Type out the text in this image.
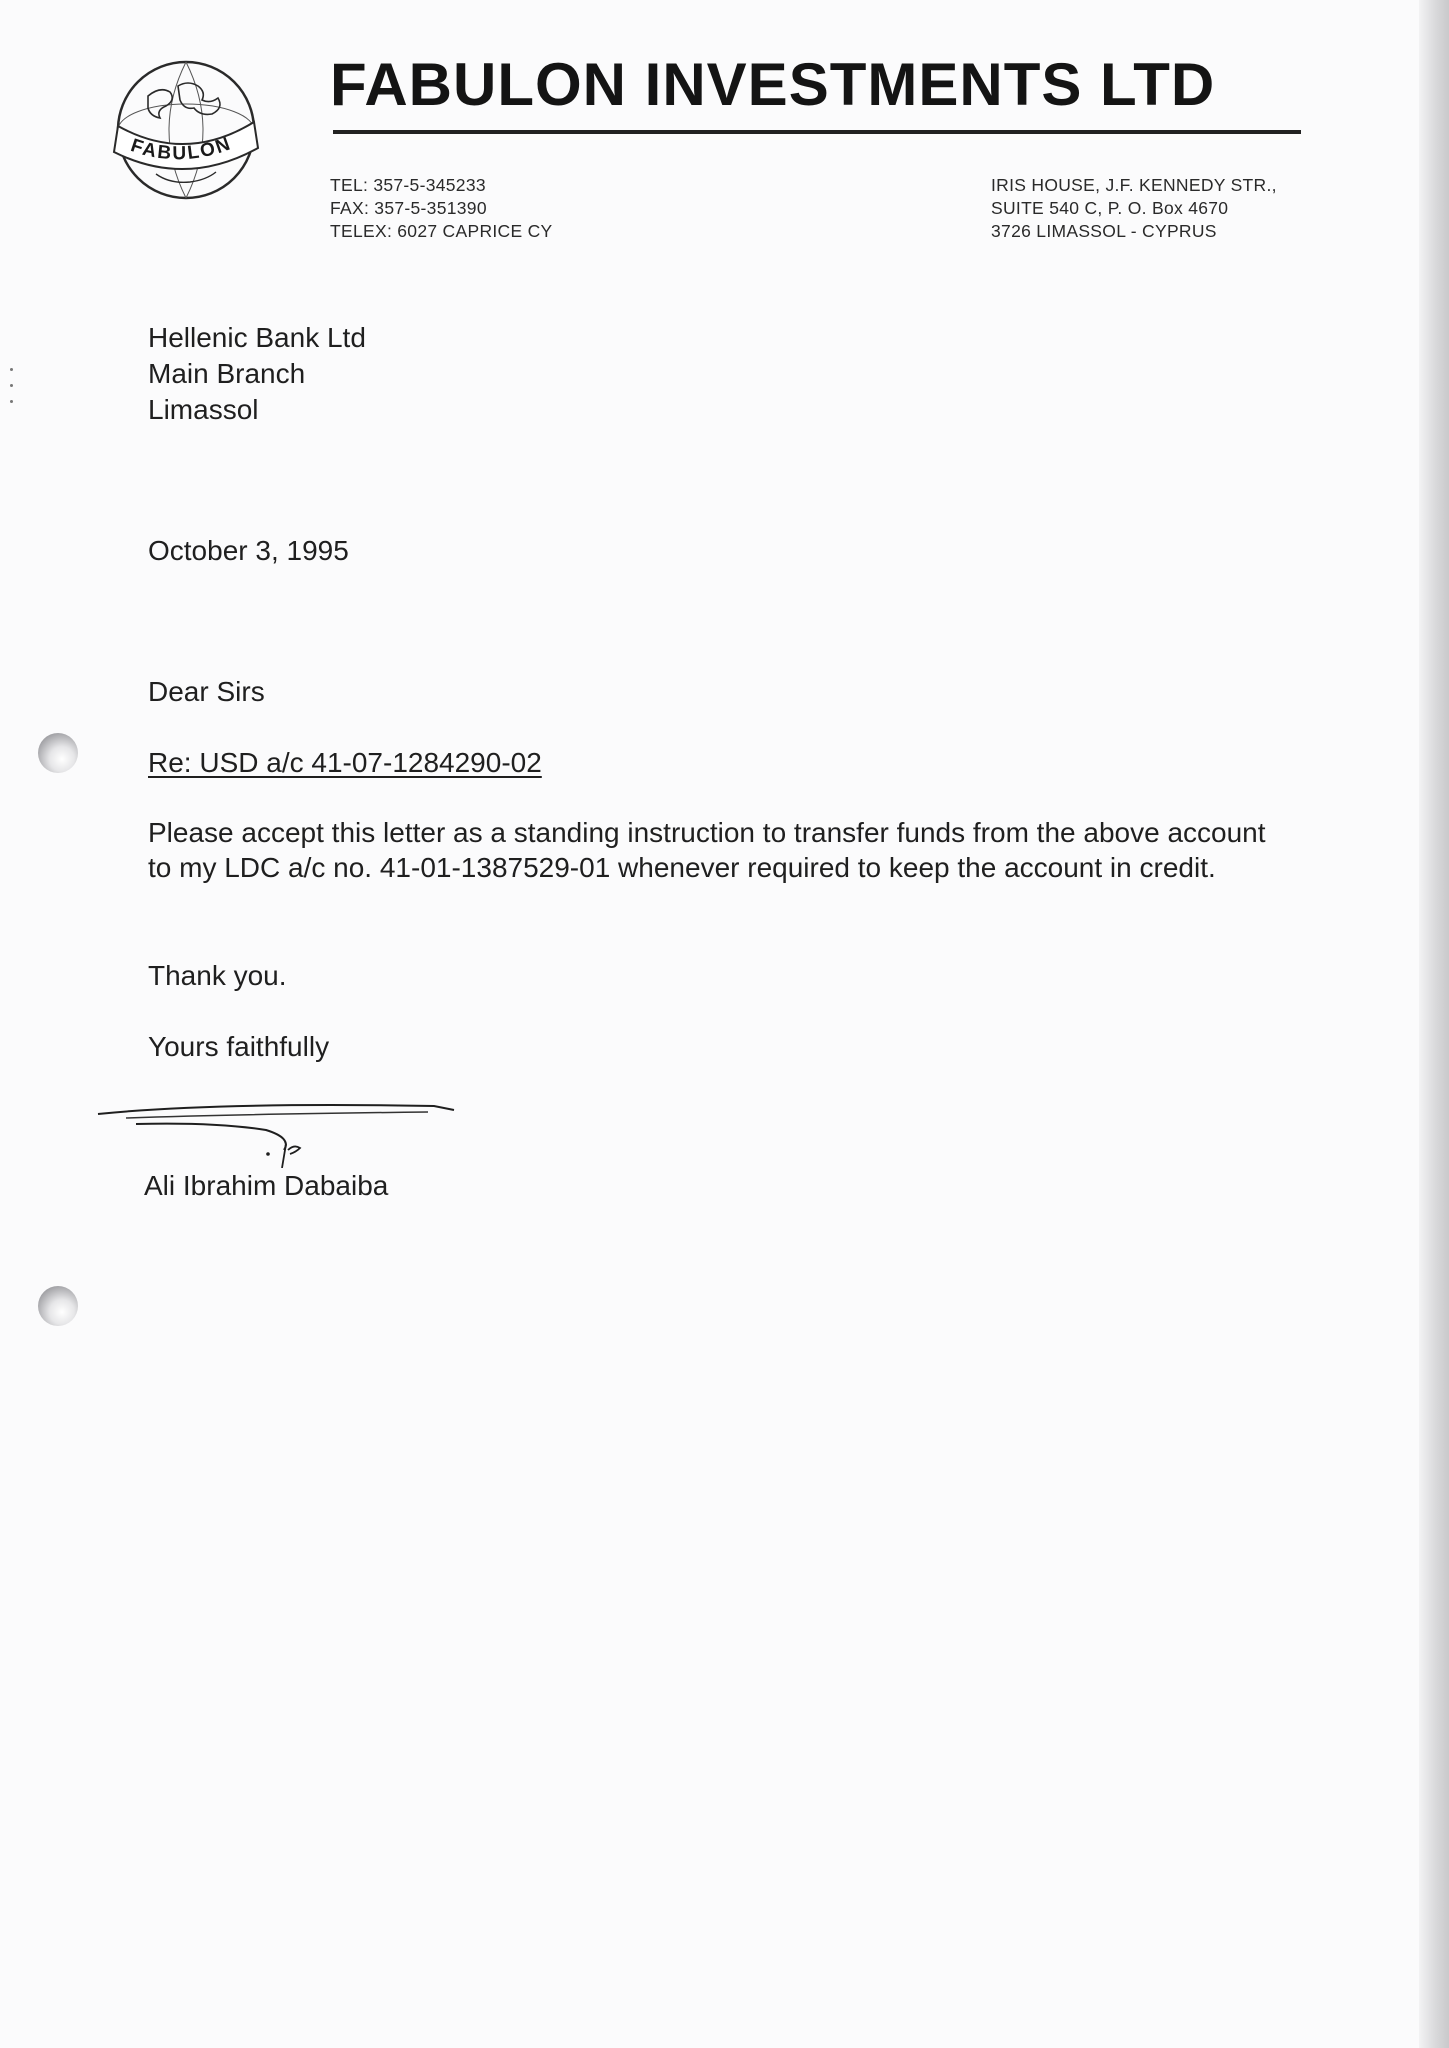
FABULON
FABULON INVESTMENTS LTD
TEL: 357-5-345233
FAX: 357-5-351390
TELEX: 6027 CAPRICE CY
IRIS HOUSE, J.F. KENNEDY STR.,
SUITE 540 C, P. O. Box 4670
3726 LIMASSOL - CYPRUS
Hellenic Bank Ltd
Main Branch
Limassol
October 3, 1995
Dear Sirs
Re: USD a/c 41-07-1284290-02
Please accept this letter as a standing instruction to transfer funds from the above account to my LDC a/c no. 41-01-1387529-01 whenever required to keep the account in credit.
Thank you.
Yours faithfully
Ali Ibrahim Dabaiba
